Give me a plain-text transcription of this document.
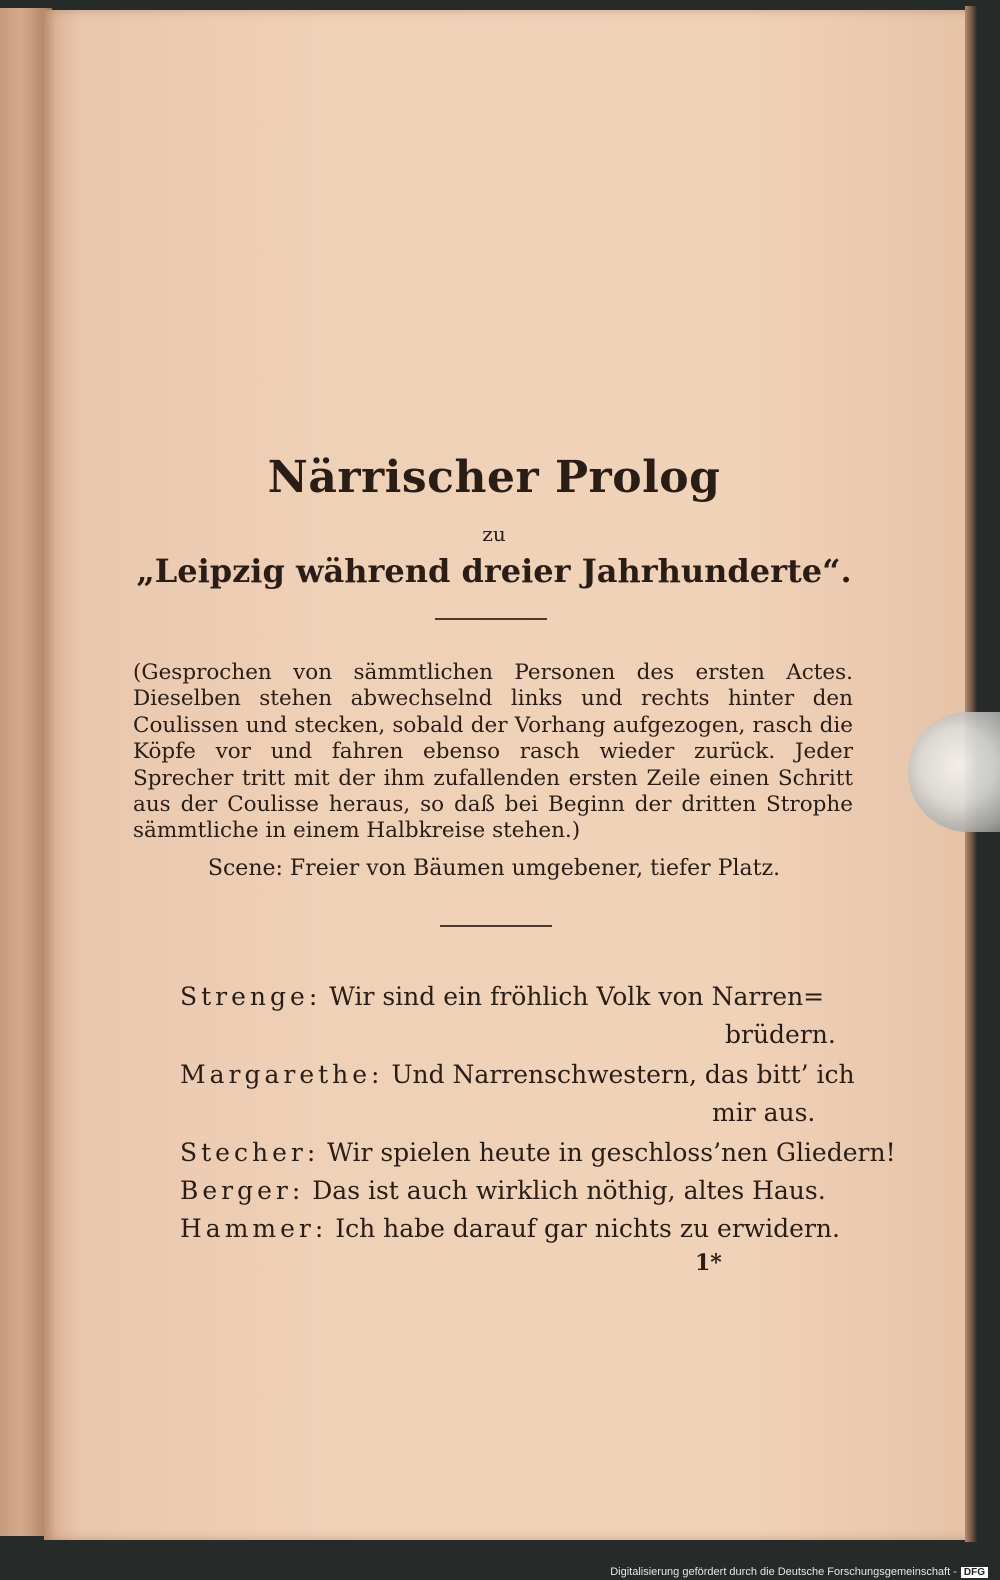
Närrischer Prolog
zu
„Leipzig während dreier Jahrhunderte“.
(Gesprochen von sämmtlichen Personen des ersten Actes. Dieselben stehen abwechselnd links und rechts hinter den Coulissen und stecken, sobald der Vorhang aufgezogen, rasch die Köpfe vor und fahren ebenso rasch wieder zurück. Jeder Sprecher tritt mit der ihm zufallenden ersten Zeile einen Schritt aus der Coulisse heraus, so daß bei Beginn der dritten Strophe sämmtliche in einem Halbkreise stehen.)
Scene: Freier von Bäumen umgebener, tiefer Platz.
Strenge: Wir sind ein fröhlich Volk von Narren=
brüdern.
Margarethe: Und Narrenschwestern, das bitt’ ich
mir aus.
Stecher: Wir spielen heute in geschloss’nen Gliedern!
Berger: Das ist auch wirklich nöthig, altes Haus.
Hammer: Ich habe darauf gar nichts zu erwidern.
1*
Digitalisierung gefördert durch die Deutsche Forschungsgemeinschaft - DFG
